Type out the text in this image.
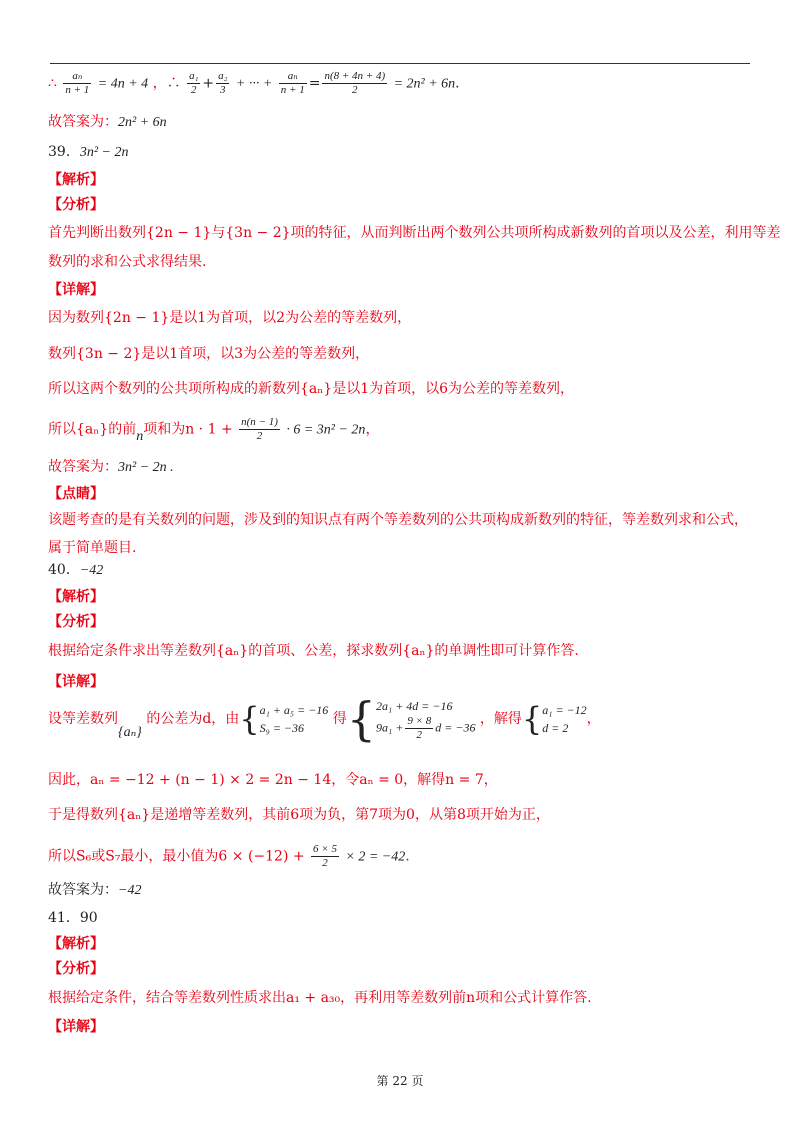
∴ $\frac{\text{aₙ}}{n + 1} = 4n + 4$ ，∴ $\frac{\text{a₁}}{2} + \frac{\text{a₂}}{3}$ + ··· + $\frac{\text{aₙ}}{n + 1} = \frac{n(8 + 4n + 4)}{2} = 2n^2 + 6n$.
故答案为：2n² + 6n
39．3n² − 2n
【解析】
【分析】
首先判断出数列{2n − 1}与{3n − 2}项的特征，从而判断出两个数列公共项所构成新数列的首项以及公差，利用等差
数列的求和公式求得结果.
【详解】
因为数列{2n − 1}是以1为首项，以2为公差的等差数列，
数列{3n − 2}是以1首项，以3为公差的等差数列，
所以这两个数列的公共项所构成的新数列{aₙ}是以1为首项，以6为公差的等差数列，
所以{aₙ}的前n项和为$n \cdot 1 + \frac{n(n - 1)}{2} \cdot 6 = 3n^2 - 2n$，
故答案为：3n² − 2n .
【点睛】
该题考查的是有关数列的问题，涉及到的知识点有两个等差数列的公共项构成新数列的特征，等差数列求和公式，
属于简单题目.
40．−42
【解析】
【分析】
根据给定条件求出等差数列{aₙ}的首项、公差，探求数列{aₙ}的单调性即可计算作答.
【详解】
设等差数列{aₙ} 的公差为d，由{ a₁ + a₅ = −16
S₉ = −36
得{ 2a₁ + 4d = −16
$9a_1 + \frac{9 \times 8}{2}$ d = −36 ，解得{ a₁ = −12
d = 2
，
因此，aₙ = −12 + (n − 1) × 2 = 2n − 14，令aₙ = 0，解得n = 7，
于是得数列{aₙ}是递增等差数列，其前6项为负，第7项为0，从第8项开始为正，
所以S₆或S₇最小，最小值为$6 \times (-12) + \frac{6 \times 5}{2} \times 2 = -42$.
故答案为：−42
41．90
【解析】
【分析】
根据给定条件，结合等差数列性质求出a₁ + a₃₀，再利用等差数列前n项和公式计算作答.
【详解】
第 22 页
